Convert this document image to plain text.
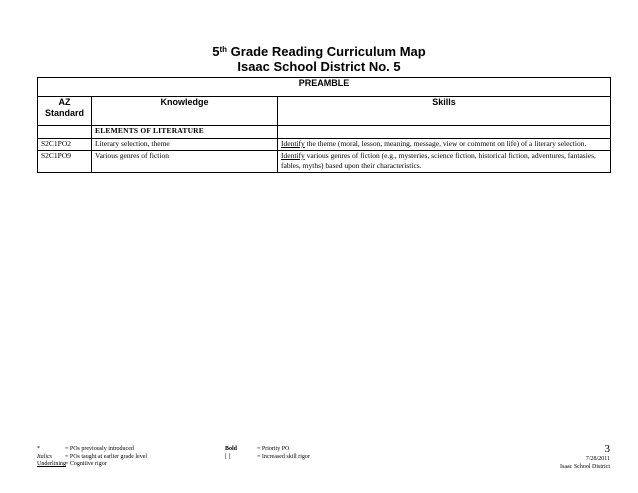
5th Grade Reading Curriculum Map
Isaac School District No. 5
PREAMBLE		
AZ Standard	Knowledge	Skills
	ELEMENTS OF LITERATURE	
S2C1PO2	Literary selection, theme	Identify the theme (moral, lesson, meaning, message, view or comment on life) of a literary selection.
S2C1PO9	Various genres of fiction	Identify various genres of fiction (e.g., mysteries, science fiction, historical fiction, adventures, fantasies, fables, myths) based upon their characteristics.
*
Italics
Underlining
= POs previously introduced
= POs taught at earlier grade level
= Cognitive rigor
Bold
[ ]
= Priority PO
= Increased skill rigor
3
7/28/2011
Isaac School District
